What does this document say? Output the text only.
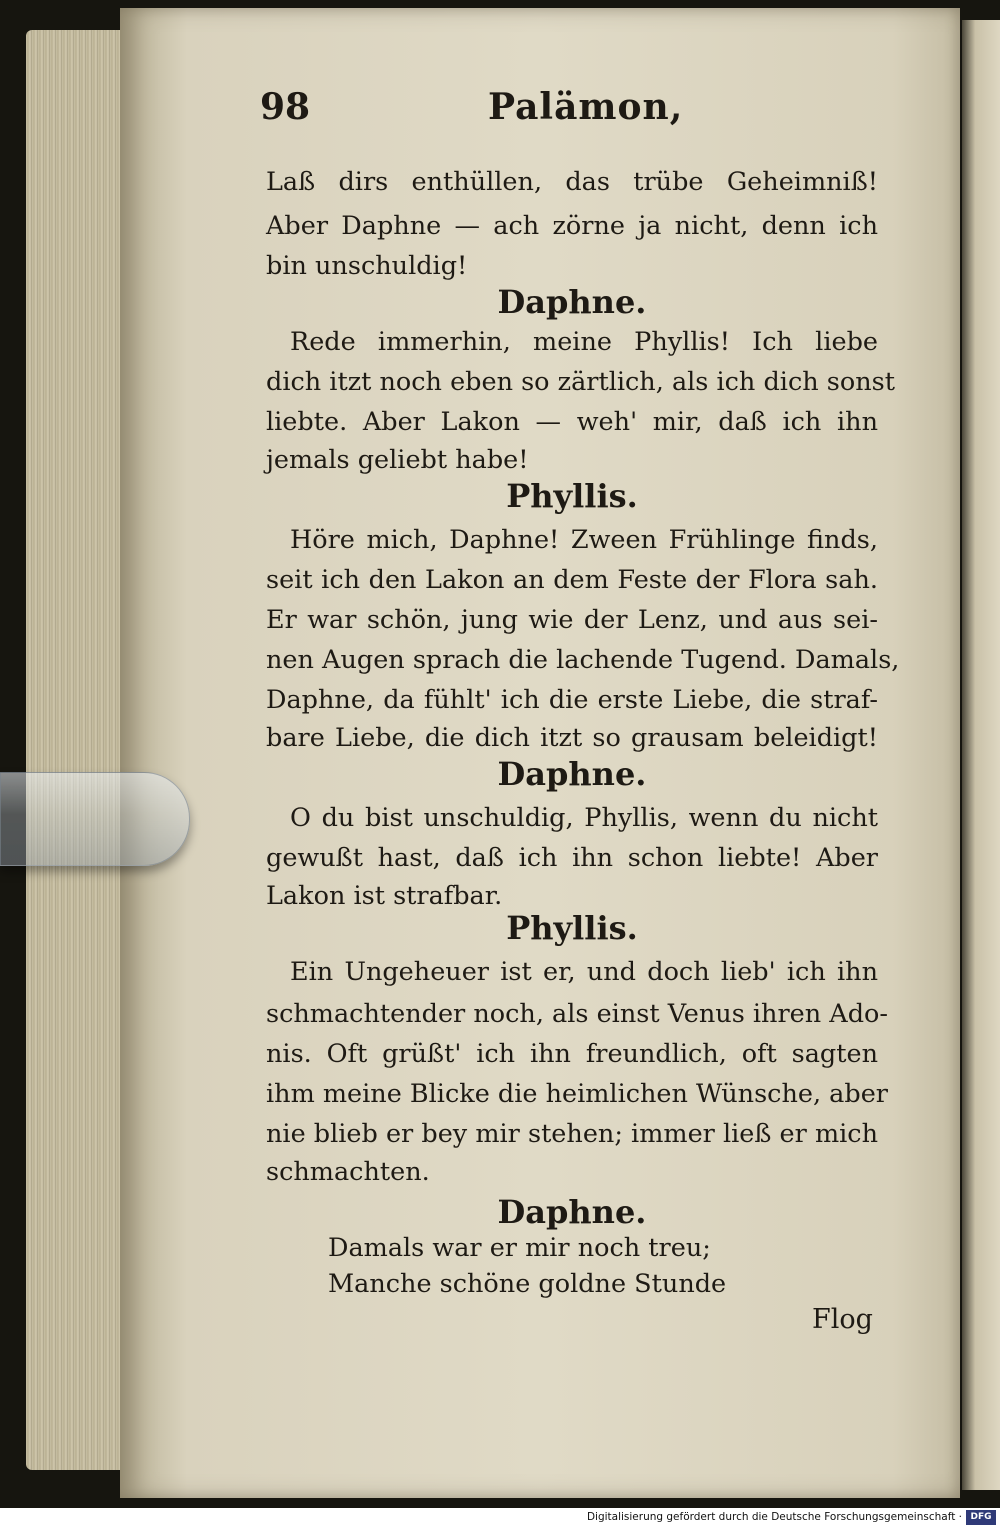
98	Palämon,
Laß dirs enthüllen, das trübe Geheimniß!
Aber Daphne — ach zörne ja nicht, denn ich
bin unschuldig!
Daphne.
Rede immerhin, meine Phyllis! Ich liebe
dich itzt noch eben so zärtlich, als ich dich sonst
liebte. Aber Lakon — weh' mir, daß ich ihn
jemals geliebt habe!
Phyllis.
Höre mich, Daphne! Zween Frühlinge finds,
seit ich den Lakon an dem Feste der Flora sah.
Er war schön, jung wie der Lenz, und aus sei-
nen Augen sprach die lachende Tugend. Damals,
Daphne, da fühlt' ich die erste Liebe, die straf-
bare Liebe, die dich itzt so grausam beleidigt!
Daphne.
O du bist unschuldig, Phyllis, wenn du nicht
gewußt hast, daß ich ihn schon liebte! Aber
Lakon ist strafbar.
Phyllis.
Ein Ungeheuer ist er, und doch lieb' ich ihn
schmachtender noch, als einst Venus ihren Ado-
nis. Oft grüßt' ich ihn freundlich, oft sagten
ihm meine Blicke die heimlichen Wünsche, aber
nie blieb er bey mir stehen; immer ließ er mich
schmachten.
Daphne.
Damals war er mir noch treu;
Manche schöne goldne Stunde
Flog
Digitalisierung gefördert durch die Deutsche Forschungsgemeinschaft · DFG
